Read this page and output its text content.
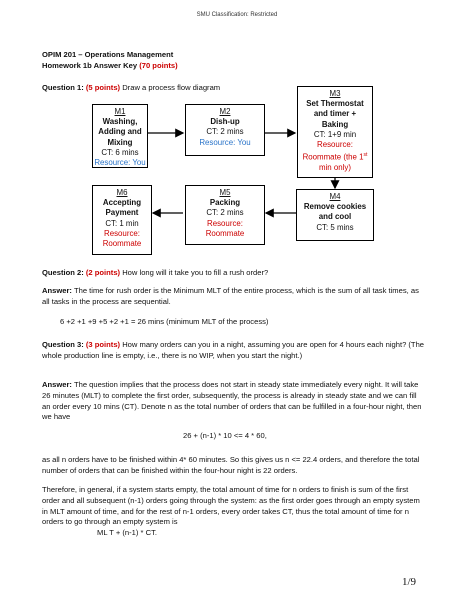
SMU Classification: Restricted
OPIM 201 – Operations Management
Homework 1b Answer Key (70 points)
Question 1: (5 points) Draw a process flow diagram
M1
Washing,
Adding and
Mixing
CT: 6 mins
Resource: You
M2
Dish-up
CT: 2 mins
Resource: You
M3
Set Thermostat
and timer +
Baking
CT: 1+9 min
Resource:
Roommate (the 1st
min only)
M4
Remove cookies
and cool
CT: 5 mins
M5
Packing
CT: 2 mins
Resource:
Roommate
M6
Accepting
Payment
CT: 1 min
Resource:
Roommate
Question 2: (2 points) How long will it take you to fill a rush order?
Answer: The time for rush order is the Minimum MLT of the entire process, which is the sum of all task times, as
all tasks in the process are sequential.
6 +2 +1 +9 +5 +2 +1 = 26 mins (minimum MLT of the process)
Question 3: (3 points) How many orders can you in a night, assuming you are open for 4 hours each night? (The
whole production line is empty, i.e., there is no WIP, when you start the night.)
Answer: The question implies that the process does not start in steady state immediately every night. It will take
26 minutes (MLT) to complete the first order, subsequently, the process is already in steady state and we can fill
an order every 10 mins (CT). Denote n as the total number of orders that can be fulfilled in a four-hour night, then
we have
26 + (n-1) * 10 <= 4 * 60,
as all n orders have to be finished within 4* 60 minutes. So this gives us n <= 22.4 orders, and therefore the total
number of orders that can be finished within the four-hour night is 22 orders.
Therefore, in general, if a system starts empty, the total amount of time for n orders to finish is sum of the first
order and all subsequent (n-1) orders going through the system: as the first order goes through an empty system
in MLT amount of time, and for the rest of n-1 orders, every order takes CT, thus the total amount of time for n
orders to go through an empty system is
ML T + (n-1) * CT.
1/9
